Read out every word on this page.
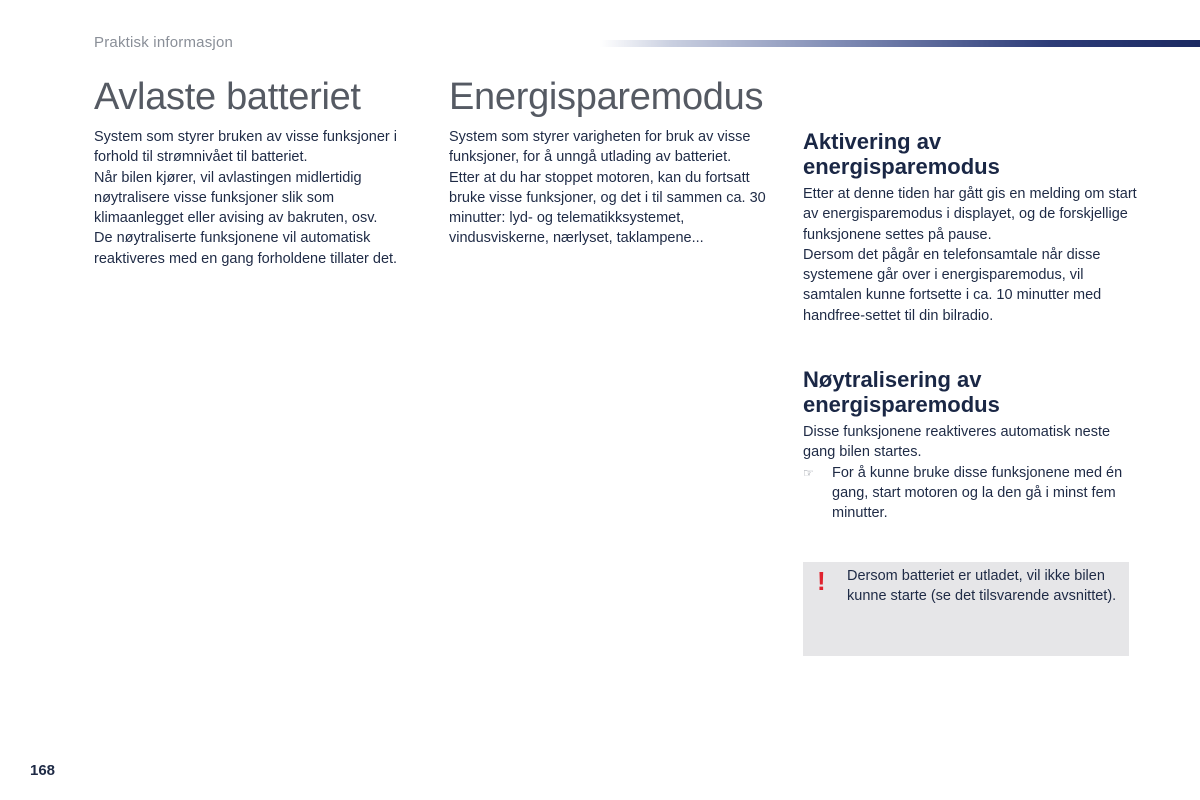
Praktisk informasjon
Avlaste batteriet

System som styrer bruken av visse funksjoner i forhold til strømnivået til batteriet.

Når bilen kjører, vil avlastingen midlertidig nøytralisere visse funksjoner slik som klimaanlegget eller avising av bakruten, osv.

De nøytraliserte funksjonene vil automatisk reaktiveres med en gang forholdene tillater det.

Energisparemodus

System som styrer varigheten for bruk av visse funksjoner, for å unngå utlading av batteriet.

Etter at du har stoppet motoren, kan du fortsatt bruke visse funksjoner, og det i til sammen ca. 30 minutter: lyd- og telematikksystemet, vindusviskerne, nærlyset, taklampene...

Aktivering av
energisparemodus

Etter at denne tiden har gått gis en melding om start av energisparemodus i displayet, og de forskjellige funksjonene settes på pause.

Dersom det pågår en telefonsamtale når disse systemene går over i energisparemodus, vil samtalen kunne fortsette i ca. 10 minutter med handfree-settet til din bilradio.

Nøytralisering av
energisparemodus

Disse funksjonene reaktiveres automatisk neste gang bilen startes.

☞	For å kunne bruke disse funksjonene med én gang, start motoren og la den gå i minst fem minutter.
! Dersom batteriet er utladet, vil ikke bilen kunne starte (se det tilsvarende avsnittet).
168
